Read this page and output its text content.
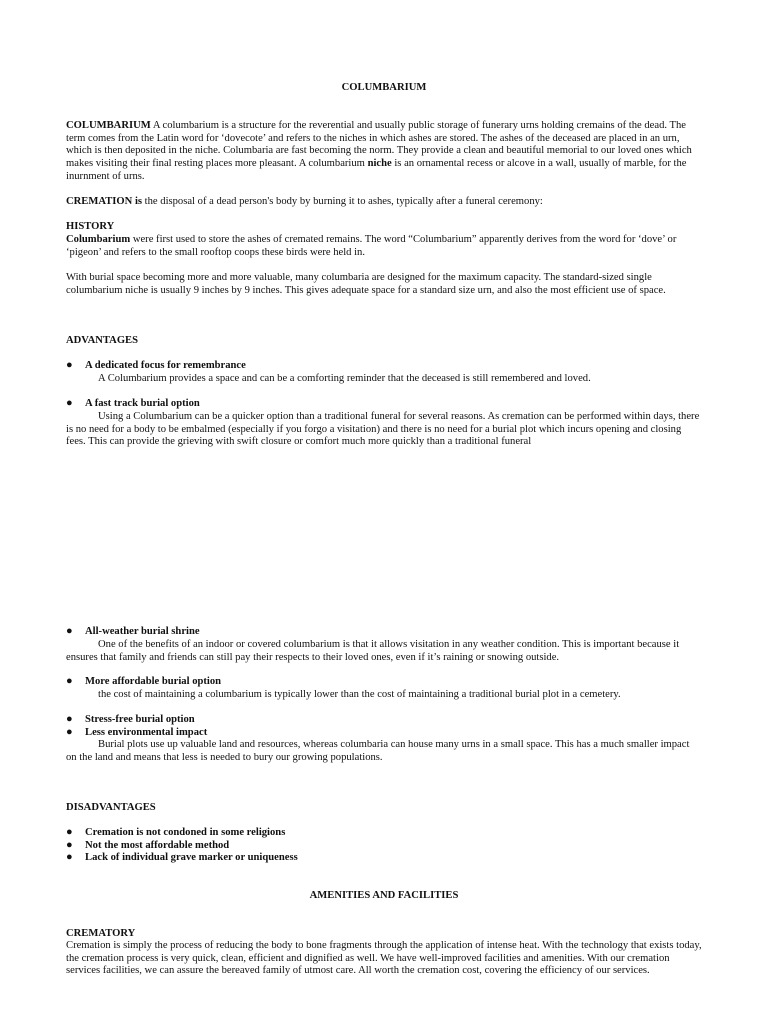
COLUMBARIUM

COLUMBARIUM A columbarium is a structure for the reverential and usually public storage of funerary urns holding cremains of the dead. The term comes from the Latin word for ‘dovecote’ and refers to the niches in which ashes are stored. The ashes of the deceased are placed in an urn, which is then deposited in the niche. Columbaria are fast becoming the norm. They provide a clean and beautiful memorial to our loved ones which makes visiting their final resting places more pleasant. A columbarium niche is an ornamental recess or alcove in a wall, usually of marble, for the inurnment of urns.

CREMATION is the disposal of a dead person's body by burning it to ashes, typically after a funeral ceremony:

HISTORY

Columbarium were first used to store the ashes of cremated remains. The word “Columbarium” apparently derives from the word for ‘dove’ or ‘pigeon’ and refers to the small rooftop coops these birds were held in.

With burial space becoming more and more valuable, many columbaria are designed for the maximum capacity. The standard-sized single columbarium niche is usually 9 inches by 9 inches. This gives adequate space for a standard size urn, and also the most efficient use of space.

ADVANTAGES

● A dedicated focus for remembrance

A Columbarium provides a space and can be a comforting reminder that the deceased is still remembered and loved.

● A fast track burial option

Using a Columbarium can be a quicker option than a traditional funeral for several reasons. As cremation can be performed within days, there is no need for a body to be embalmed (especially if you forgo a visitation) and there is no need for a burial plot which incurs opening and closing fees. This can provide the grieving with swift closure or comfort much more quickly than a traditional funeral

● All-weather burial shrine

One of the benefits of an indoor or covered columbarium is that it allows visitation in any weather condition. This is important because it ensures that family and friends can still pay their respects to their loved ones, even if it’s raining or snowing outside.

● More affordable burial option

the cost of maintaining a columbarium is typically lower than the cost of maintaining a traditional burial plot in a cemetery.

● Stress-free burial option
● Less environmental impact

Burial plots use up valuable land and resources, whereas columbaria can house many urns in a small space. This has a much smaller impact on the land and means that less is needed to bury our growing populations.

DISADVANTAGES

● Cremation is not condoned in some religions
● Not the most affordable method
● Lack of individual grave marker or uniqueness

AMENITIES AND FACILITIES

CREMATORY

Cremation is simply the process of reducing the body to bone fragments through the application of intense heat. With the technology that exists today, the cremation process is very quick, clean, efficient and dignified as well. We have well-improved facilities and amenities. With our cremation services facilities, we can assure the bereaved family of utmost care. All worth the cremation cost, covering the efficiency of our services.
